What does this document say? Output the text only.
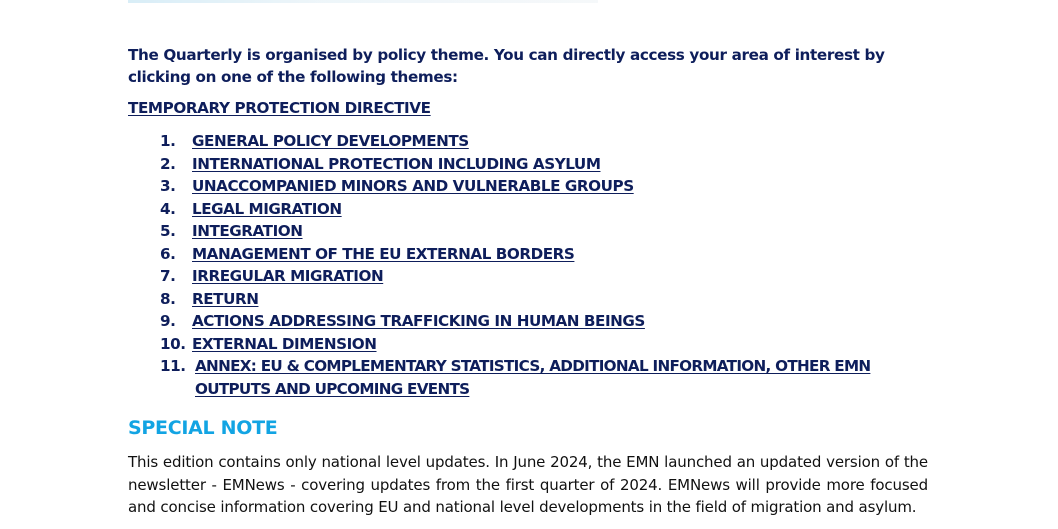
The Quarterly is organised by policy theme. You can directly access your area of interest by clicking on one of the following themes:

TEMPORARY PROTECTION DIRECTIVE
1.	GENERAL POLICY DEVELOPMENTS
2.	INTERNATIONAL PROTECTION INCLUDING ASYLUM
3.	UNACCOMPANIED MINORS AND VULNERABLE GROUPS
4.	LEGAL MIGRATION
5.	INTEGRATION
6.	MANAGEMENT OF THE EU EXTERNAL BORDERS
7.	IRREGULAR MIGRATION
8.	RETURN
9.	ACTIONS ADDRESSING TRAFFICKING IN HUMAN BEINGS
10. EXTERNAL DIMENSION
11. ANNEX: EU & COMPLEMENTARY STATISTICS, ADDITIONAL INFORMATION, OTHER EMN OUTPUTS AND UPCOMING EVENTS
SPECIAL NOTE

This edition contains only national level updates. In June 2024, the EMN launched an updated version of the newsletter - EMNews - covering updates from the first quarter of 2024. EMNews will provide more focused and concise information covering EU and national level developments in the field of migration and asylum.
